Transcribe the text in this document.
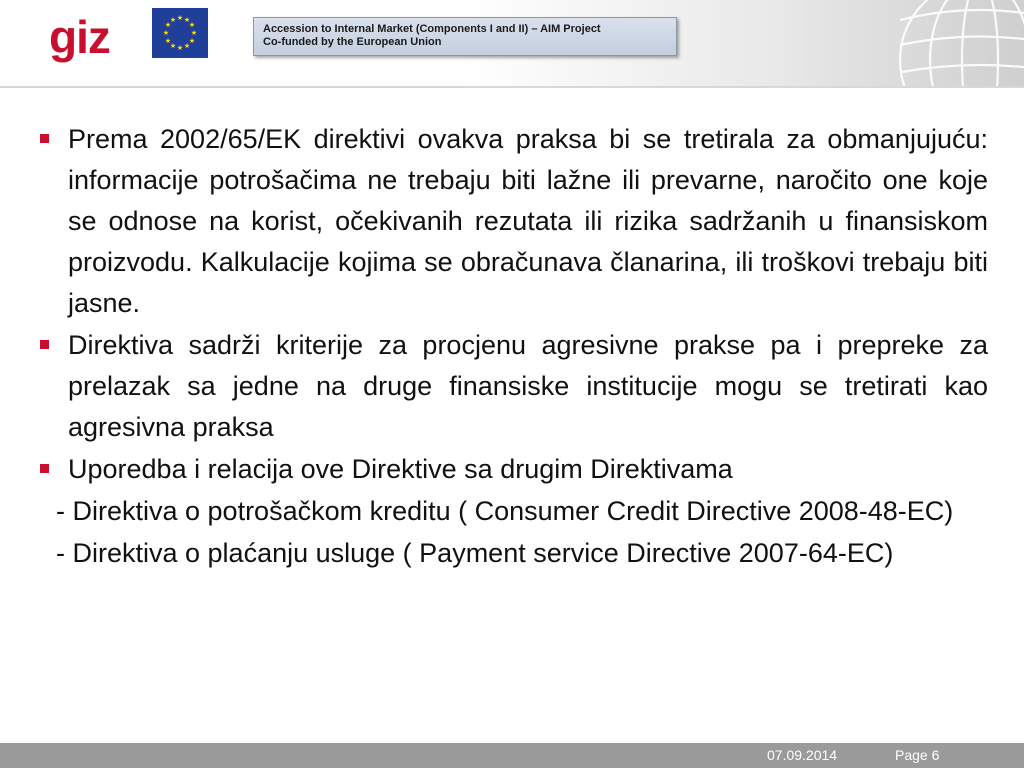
giz	★ ★
★
★
★
★
★
★
★
★
★
★
Accession to Internal Market (Components I and II) – AIM Project
Co-funded by the European Union
Prema 2002/65/EK direktivi ovakva praksa bi se tretirala za obmanjujuću: informacije potrošačima ne trebaju biti lažne ili prevarne, naročito one koje se odnose na korist, očekivanih rezutata ili rizika sadržanih u finansiskom proizvodu. Kalkulacije kojima se obračunava članarina, ili troškovi trebaju biti jasne.
Direktiva sadrži kriterije za procjenu agresivne prakse pa i prepreke za prelazak sa jedne na druge finansiske institucije mogu se tretirati kao agresivna praksa
Uporedba i relacija ove Direktive sa drugim Direktivama
- Direktiva o potrošačkom kreditu ( Consumer Credit Directive 2008-48-EC)
- Direktiva o plaćanju usluge ( Payment service Directive 2007-64-EC)
07.09.2014	Page 6
